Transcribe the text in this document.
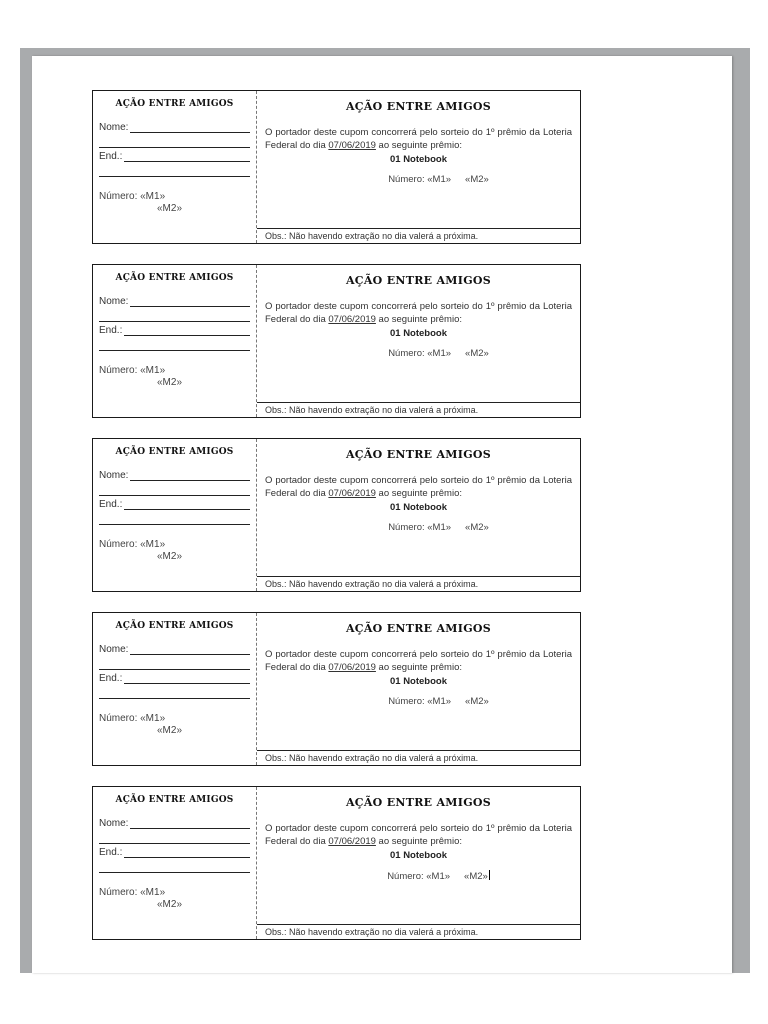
AÇÃO ENTRE AMIGOS
Nome:
End.:
Número: «M1»
«M2»
AÇÃO ENTRE AMIGOS
O portador deste cupom concorrerá pelo sorteio do 1º prêmio da Loteria Federal do dia 07/06/2019 ao seguinte prêmio:
01 Notebook
Número: «M1» «M2»
Obs.: Não havendo extração no dia valerá a próxima.
AÇÃO ENTRE AMIGOS
Nome:
End.:
Número: «M1»
«M2»
AÇÃO ENTRE AMIGOS
O portador deste cupom concorrerá pelo sorteio do 1º prêmio da Loteria Federal do dia 07/06/2019 ao seguinte prêmio:
01 Notebook
Número: «M1» «M2»
Obs.: Não havendo extração no dia valerá a próxima.
AÇÃO ENTRE AMIGOS
Nome:
End.:
Número: «M1»
«M2»
AÇÃO ENTRE AMIGOS
O portador deste cupom concorrerá pelo sorteio do 1º prêmio da Loteria Federal do dia 07/06/2019 ao seguinte prêmio:
01 Notebook
Número: «M1» «M2»
Obs.: Não havendo extração no dia valerá a próxima.
AÇÃO ENTRE AMIGOS
Nome:
End.:
Número: «M1»
«M2»
AÇÃO ENTRE AMIGOS
O portador deste cupom concorrerá pelo sorteio do 1º prêmio da Loteria Federal do dia 07/06/2019 ao seguinte prêmio:
01 Notebook
Número: «M1» «M2»
Obs.: Não havendo extração no dia valerá a próxima.
AÇÃO ENTRE AMIGOS
Nome:
End.:
Número: «M1»
«M2»
AÇÃO ENTRE AMIGOS
O portador deste cupom concorrerá pelo sorteio do 1º prêmio da Loteria Federal do dia 07/06/2019 ao seguinte prêmio:
01 Notebook
Número: «M1» «M2»
Obs.: Não havendo extração no dia valerá a próxima.
